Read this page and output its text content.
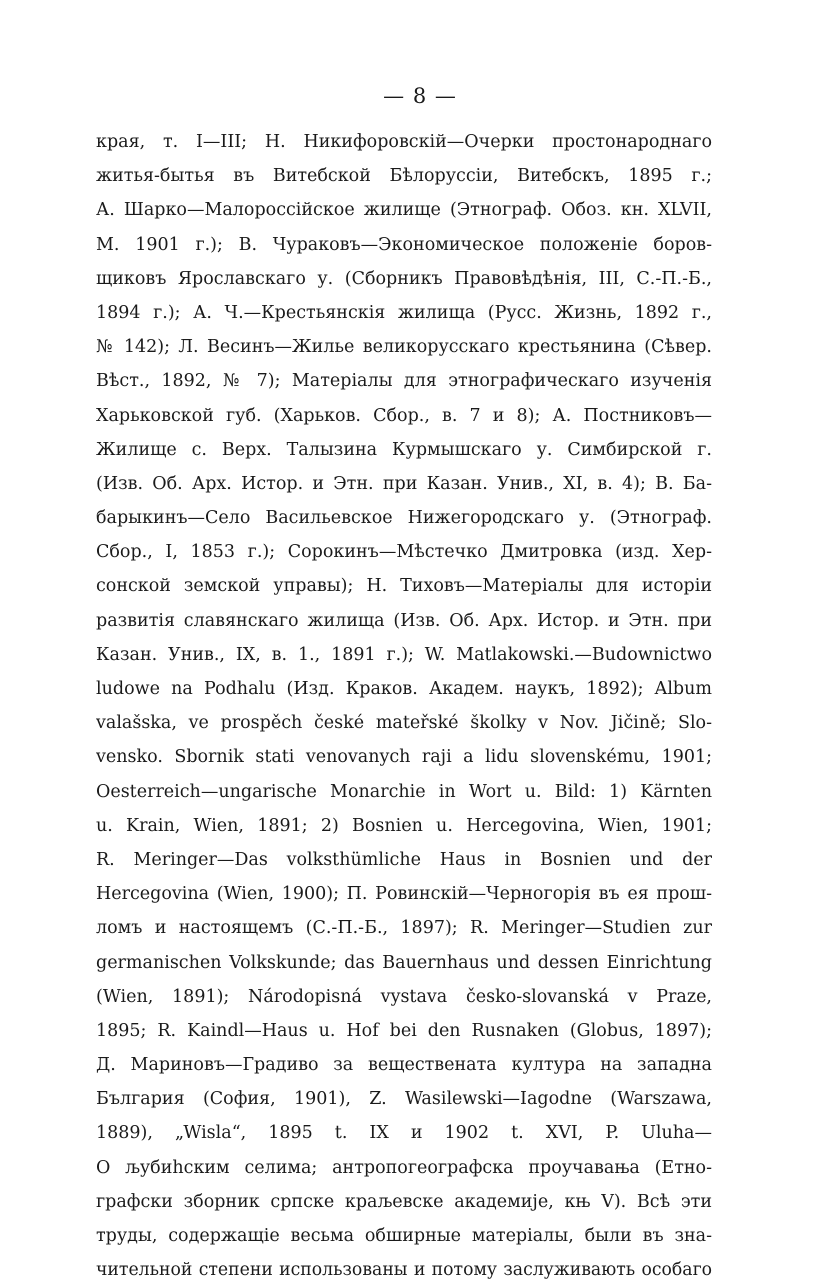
— 8 —
края, т. I—III; Н. Никифоровскій—Очерки простонароднаго
житья-бытья въ Витебской Бѣлоруссіи, Витебскъ, 1895 г.;
А. Шарко—Малороссійское жилище (Этнограф. Обоз. кн. XLVII,
М. 1901 г.); В. Чураковъ—Экономическое положеніе боров-
щиковъ Ярославскаго у. (Сборникъ Правовѣдѣнія, III, С.-П.-Б.,
1894 г.); А. Ч.—Крестьянскія жилища (Русс. Жизнь, 1892 г.,
№ 142); Л. Весинъ—Жилье великорусскаго крестьянина (Сѣвер.
Вѣст., 1892, № 7); Матеріалы для этнографическаго изученія
Харьковской губ. (Харьков. Сбор., в. 7 и 8); А. Постниковъ—
Жилище с. Верх. Талызина Курмышскаго у. Симбирской г.
(Изв. Об. Арх. Истор. и Этн. при Казан. Унив., XI, в. 4); В. Ба-
барыкинъ—Село Васильевское Нижегородскаго у. (Этнограф.
Сбор., I, 1853 г.); Сорокинъ—Мѣстечко Дмитровка (изд. Хер-
сонской земской управы); Н. Тиховъ—Матеріалы для исторіи
развитія славянскаго жилища (Изв. Об. Арх. Истор. и Этн. при
Казан. Унив., IX, в. 1., 1891 г.); W. Matlakowski.—Budownictwo
ludowe na Podhalu (Изд. Краков. Академ. наукъ, 1892); Album
valašska, ve prospěch české mateřské školky v Nov. Jičině; Slo-
vensko. Sbornik stati venovanych raji a lidu slovenskému, 1901;
Oesterreich—ungarische Monarchie in Wort u. Bild: 1) Kärnten
u. Krain, Wien, 1891; 2) Bosnien u. Hercegovina, Wien, 1901;
R. Meringer—Das volksthümliche Haus in Bosnien und der
Hercegovina (Wien, 1900); П. Ровинскій—Черногорія въ ея прош-
ломъ и настоящемъ (С.-П.-Б., 1897); R. Meringer—Studien zur
germanischen Volkskunde; das Bauernhaus und dessen Einrichtung
(Wien, 1891); Národopisná vystava česko-slovanská v Praze,
1895; R. Kaindl—Haus u. Hof bei den Rusnaken (Globus, 1897);
Д. Мариновъ—Градиво за веществената култура на западна
България (София, 1901), Z. Wasilewski—Iagodne (Warszawa,
1889), „Wisla“, 1895 t. IX и 1902 t. XVI, P. Uluha—
О љубиhским селима; антропогеографска проучавања (Етно-
графски зборник српске краљевске академије, књ V). Всѣ эти
труды, содержащіе весьма обширные матеріалы, были въ зна-
чительной степени использованы и потому заслуживають особаго
